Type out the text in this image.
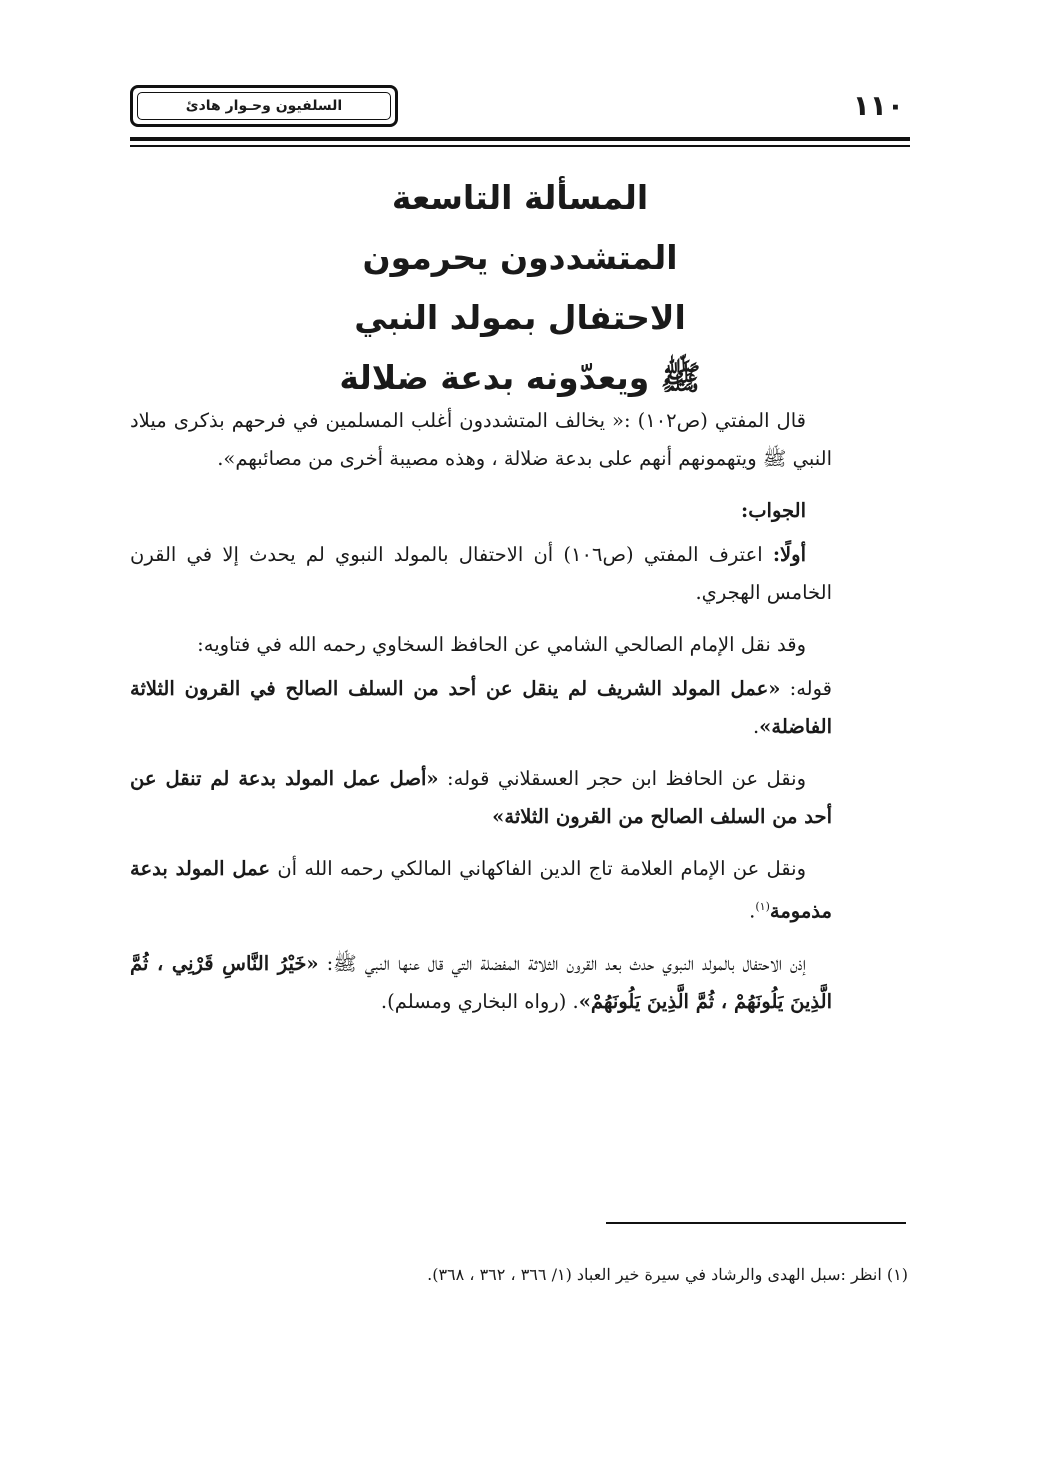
السلفيون وحـوار هادئ	١١٠
المسألة التاسعة
المتشددون يحرمون
الاحتفال بمولد النبي
ﷺ ويعدّونه بدعة ضلالة

قال المفتي (ص١٠٢) :« يخالف المتشددون أغلب المسلمين في فرحهم بذكرى ميلاد النبي ﷺ ويتهمونهم أنهم على بدعة ضلالة ، وهذه مصيبة أخرى من مصائبهم».

الجواب:

أولًا: اعترف المفتي (ص١٠٦) أن الاحتفال بالمولد النبوي لم يحدث إلا في القرن الخامس الهجري.

وقد نقل الإمام الصالحي الشامي عن الحافظ السخاوي رحمه الله في فتاويه:

قوله: «عمل المولد الشريف لم ينقل عن أحد من السلف الصالح في القرون الثلاثة الفاضلة».

ونقل عن الحافظ ابن حجر العسقلاني قوله: «أصل عمل المولد بدعة لم تنقل عن أحد من السلف الصالح من القرون الثلاثة»

ونقل عن الإمام العلامة تاج الدين الفاكهاني المالكي رحمه الله أن عمل المولد بدعة مذمومة$^{(١)}$.

إذن الاحتفال بالمولد النبوي حدث بعد القرون الثلاثة المفضلة التي قال عنها النبي ﷺ: «خَيْرُ النَّاسِ قَرْنِي ، ثُمَّ الَّذِينَ يَلُونَهُمْ ، ثُمَّ الَّذِينَ يَلُونَهُمْ». (رواه البخاري ومسلم).

(١) انظر :سبل الهدى والرشاد في سيرة خير العباد (١/ ٣٦٦ ، ٣٦٢ ، ٣٦٨).
